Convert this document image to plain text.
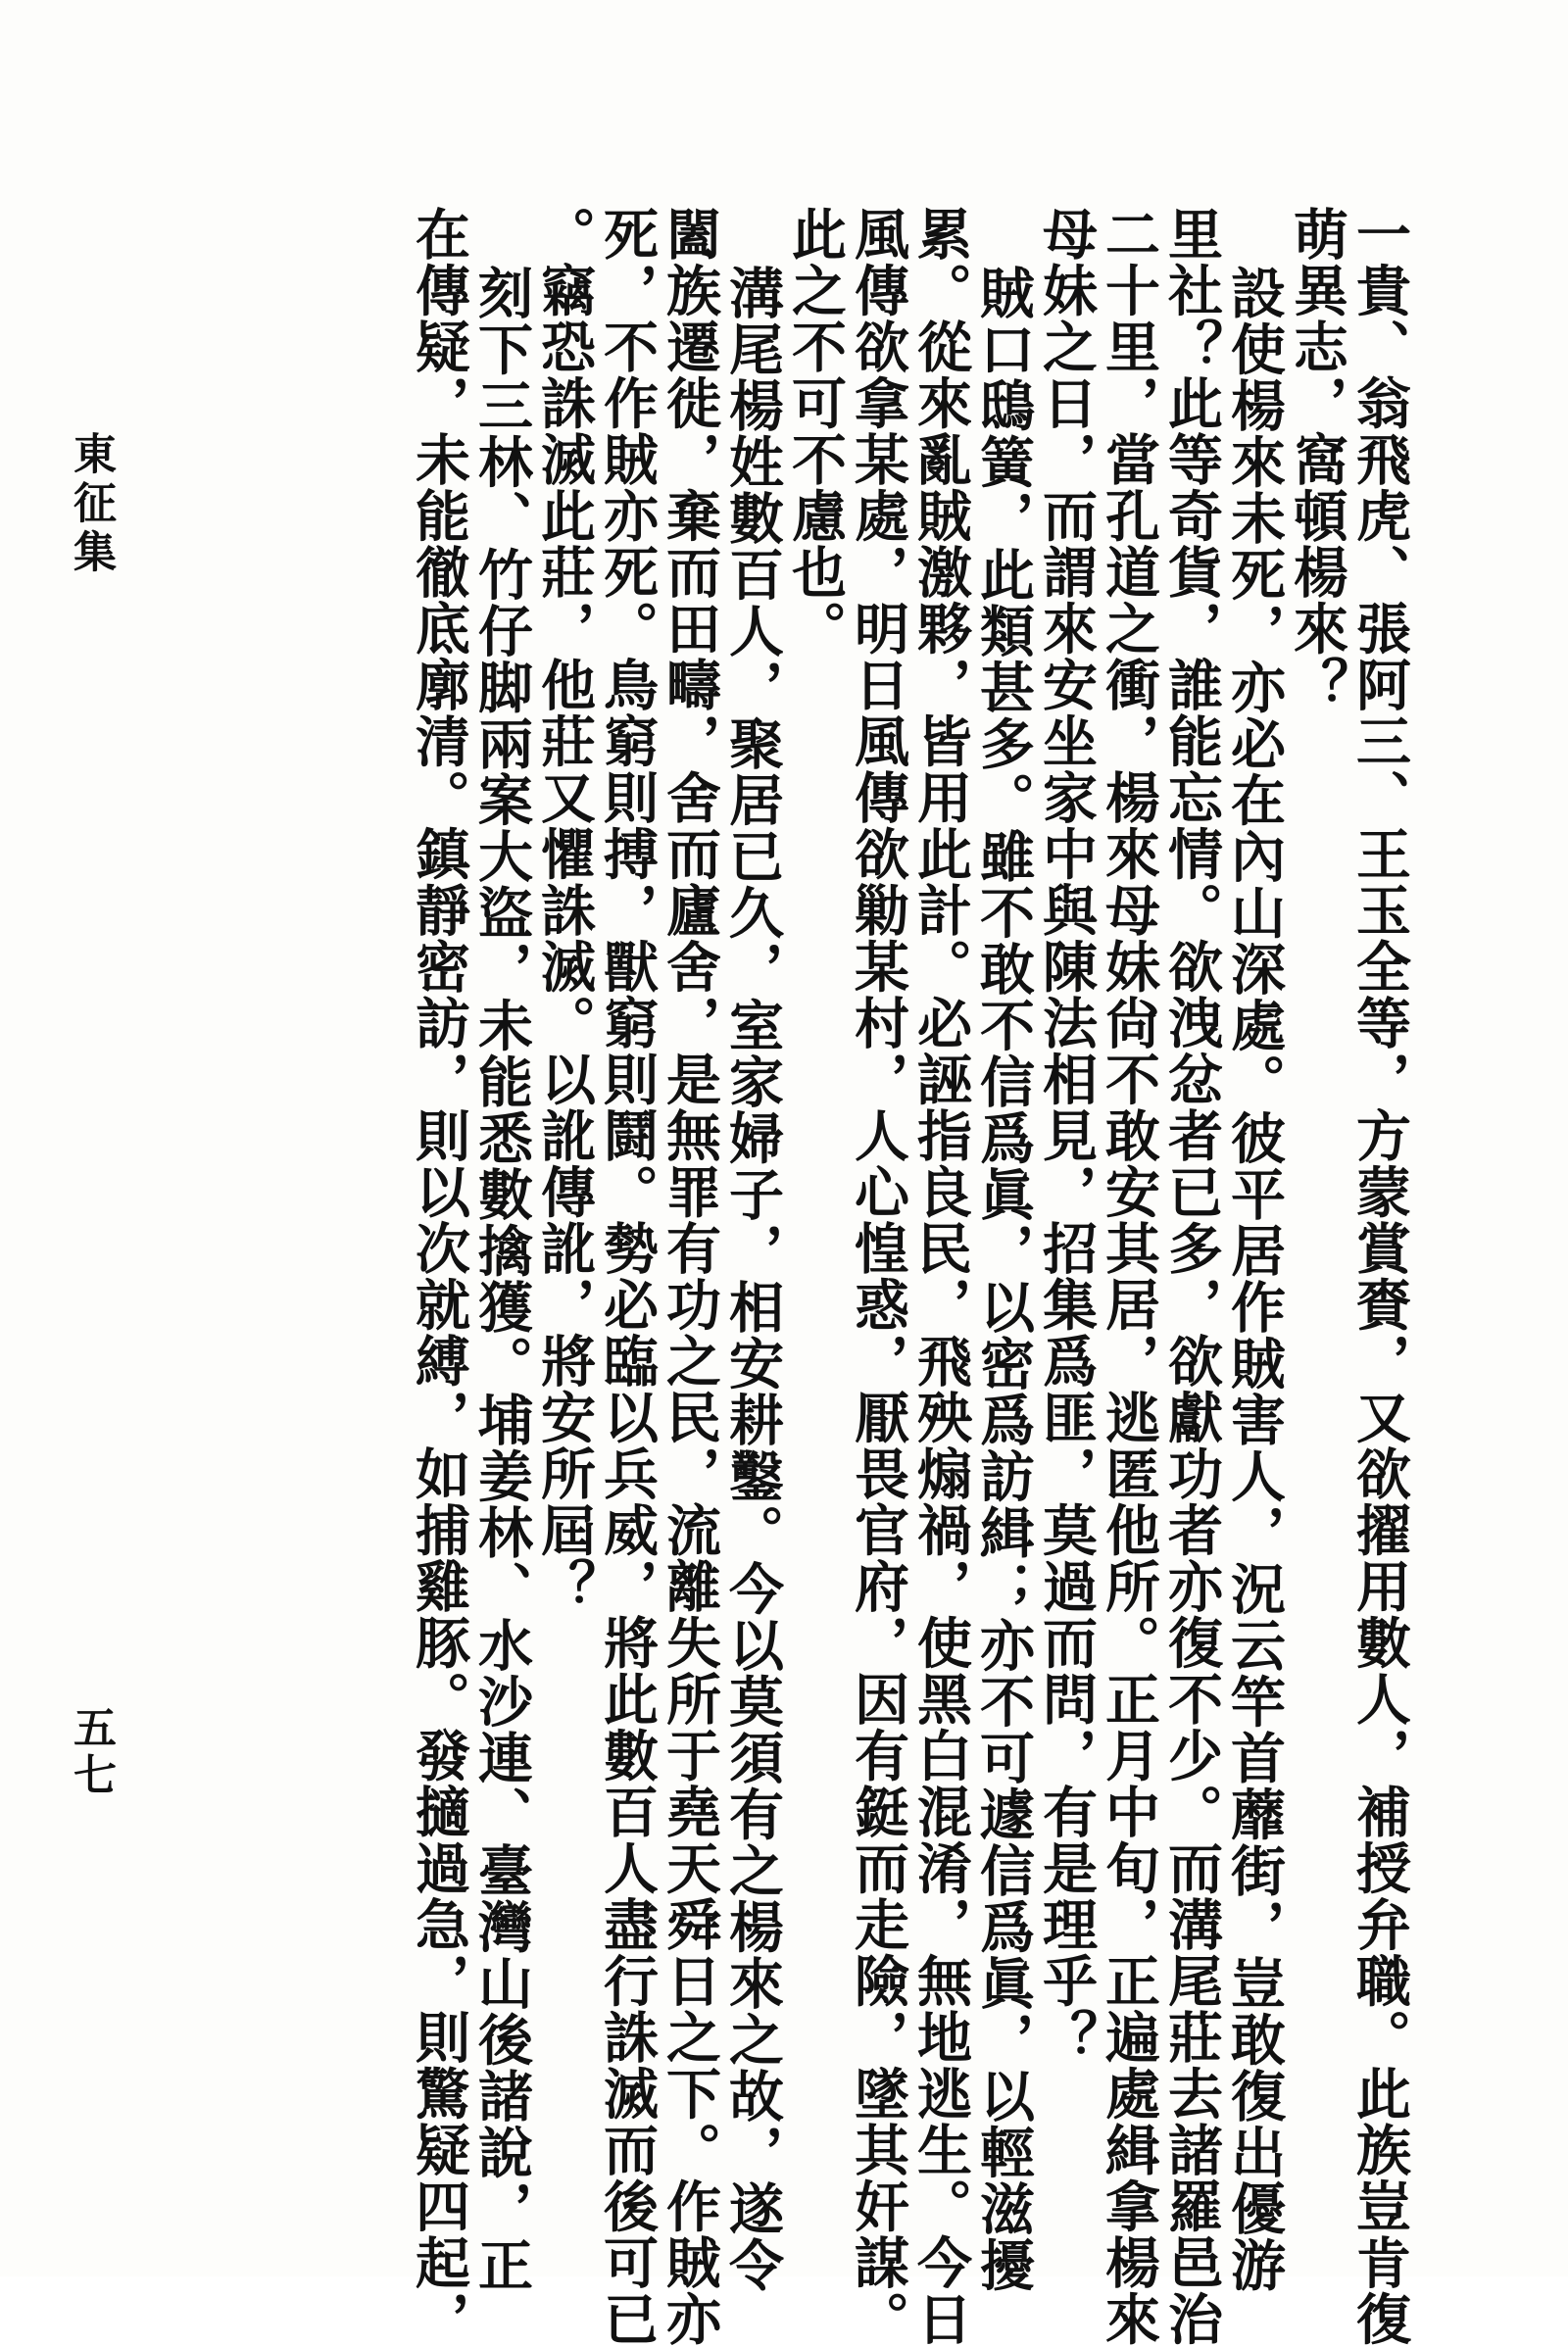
一貴、翁飛虎、張阿三、王玉全等，方蒙賞賚，又欲擢用數人，補授弁職。此族豈肯復
萌異志，窩頓楊來？
設使楊來未死，亦必在內山深處。彼平居作賊害人，況云竿首蘼街，豈敢復出優游
里社？此等奇貨，誰能忘情。欲洩忿者已多，欲獻功者亦復不少。而溝尾莊去諸羅邑治
二十里，當孔道之衝，楊來母妹尙不敢安其居，逃匿他所。正月中旬，正遍處緝拿楊來
母妹之日，而謂來安坐家中與陳法相見，招集爲匪，莫過而問，有是理乎？
賊口鴟簧，此類甚多。雖不敢不信爲眞，以密爲訪緝；亦不可遽信爲眞，以輕滋擾
累。從來亂賊激夥，皆用此計。必誣指良民，飛殃煽禍，使黑白混淆，無地逃生。今日
風傳欲拿某處，明日風傳欲勦某村，人心惶惑，厭畏官府，因有鋌而走險，墜其奸謀。
此之不可不慮也。
溝尾楊姓數百人，聚居已久，室家婦子，相安耕鑿。今以莫須有之楊來之故，遂令
闔族遷徙，棄而田疇，舍而廬舍，是無罪有功之民，流離失所于堯天舜日之下。作賊亦
死，不作賊亦死。鳥窮則搏，獸窮則鬪。勢必臨以兵威，將此數百人盡行誅滅而後可已
。竊恐誅滅此莊，他莊又懼誅滅。以訛傳訛，將安所屆？
刻下三林、竹仔脚兩案大盜，未能悉數擒獲。埔姜林、水沙連、臺灣山後諸說，正
在傳疑，未能徹底廓清。鎮靜密訪，則以次就縛，如捕雞豚。發擿過急，則驚疑四起，
東征集
五七
